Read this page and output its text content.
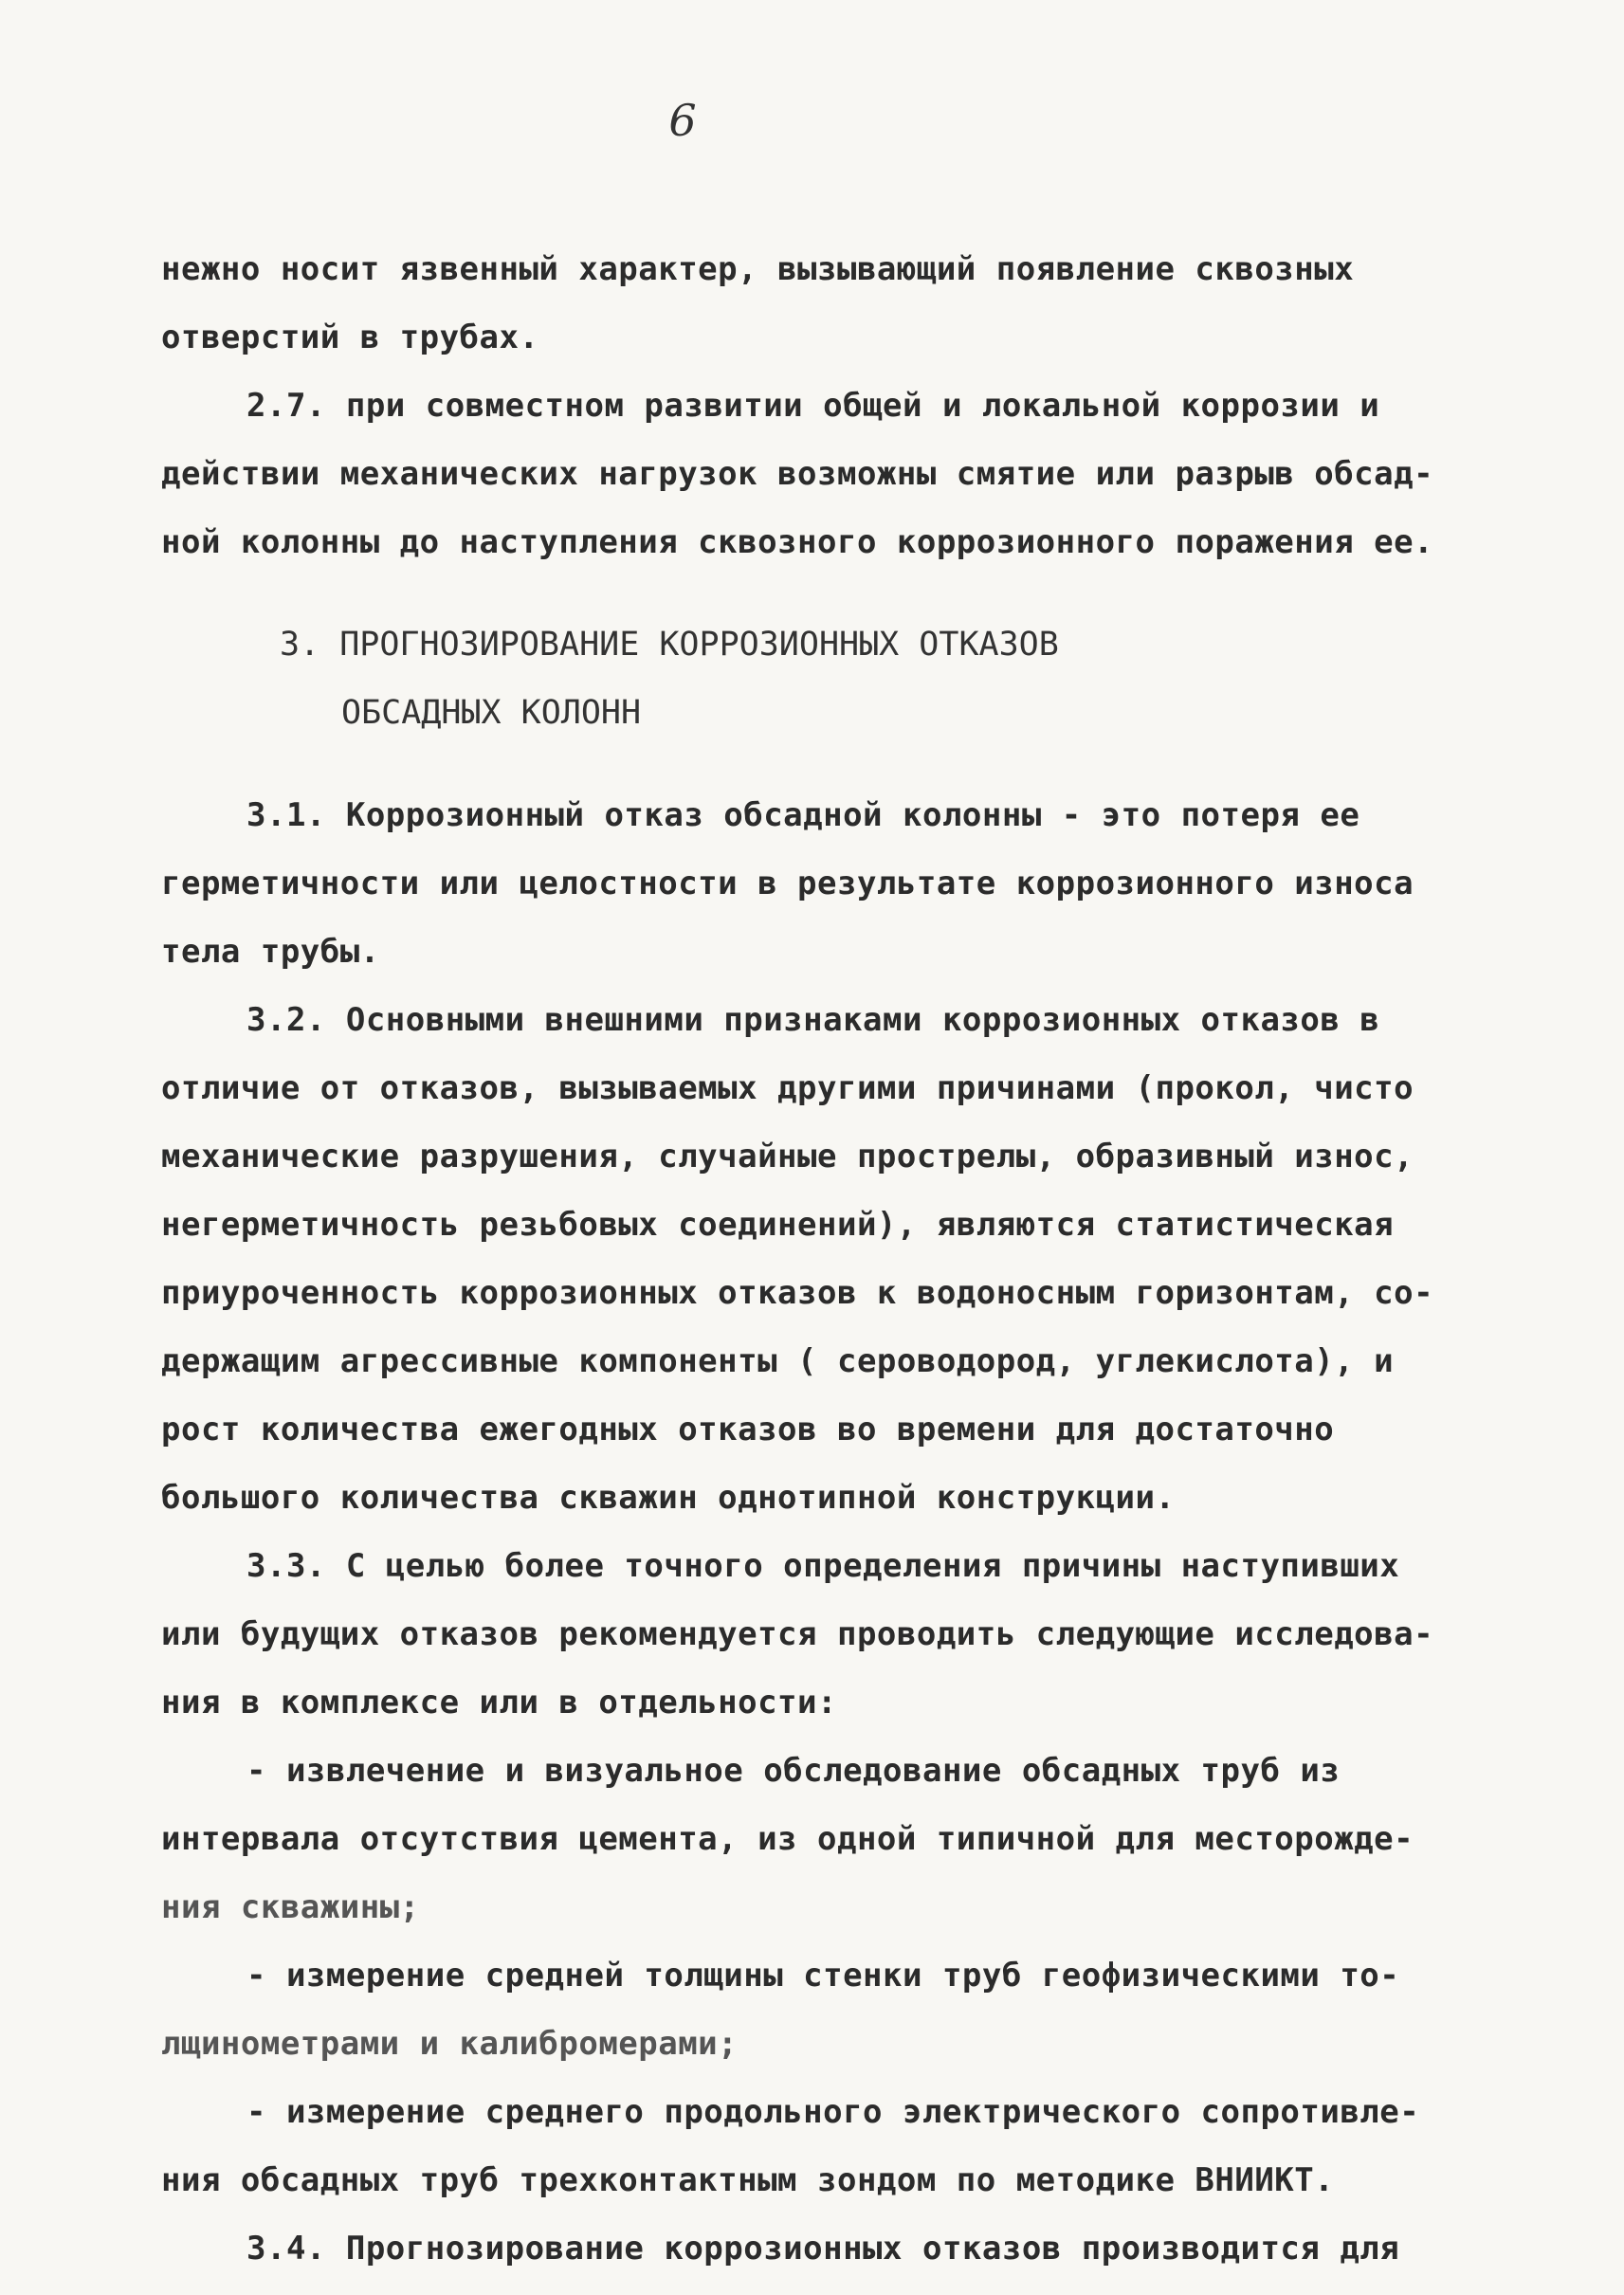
6
нежно носит язвенный характер, вызывающий появление сквозных
отверстий в трубах.
2.7. при совместном развитии общей и локальной коррозии и
действии механических нагрузок возможны смятие или разрыв обсад-
ной колонны до наступления сквозного коррозионного поражения ее.
3. ПРОГНОЗИРОВАНИЕ КОРРОЗИОННЫХ ОТКАЗОВ
ОБСАДНЫХ КОЛОНН
3.1. Коррозионный отказ обсадной колонны - это потеря ее
герметичности или целостности в результате коррозионного износа
тела трубы.
3.2. Основными внешними признаками коррозионных отказов в
отличие от отказов, вызываемых другими причинами (прокол, чисто
механические разрушения, случайные прострелы, образивный износ,
негерметичность резьбовых соединений), являются статистическая
приуроченность коррозионных отказов к водоносным горизонтам, со-
держащим агрессивные компоненты ( сероводород, углекислота), и
рост количества ежегодных отказов во времени для достаточно
большого количества скважин однотипной конструкции.
3.3. С целью более точного определения причины наступивших
или будущих отказов рекомендуется проводить следующие исследова-
ния в комплексе или в отдельности:
- извлечение и визуальное обследование обсадных труб из
интервала отсутствия цемента, из одной типичной для месторожде-
ния скважины;
- измерение средней толщины стенки труб геофизическими то-
лщинометрами и калибромерами;
- измерение среднего продольного электрического сопротивле-
ния обсадных труб трехконтактным зондом по методике ВНИИКТ.
3.4. Прогнозирование коррозионных отказов производится для
